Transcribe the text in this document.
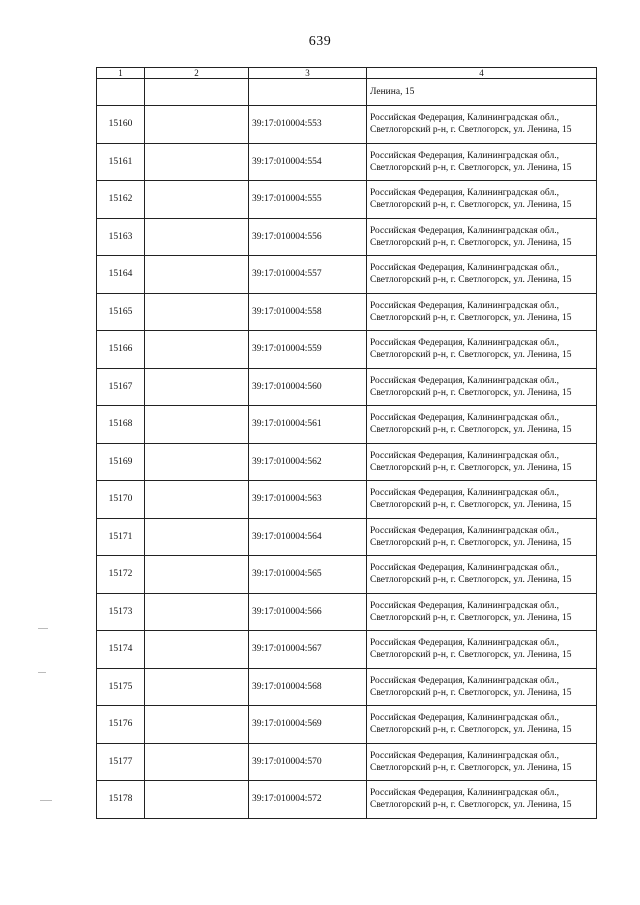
639
1	2	3	4
			Ленина, 15
15160		39:17:010004:553	Российская Федерация, Калининградская обл., Светлогорский р-н, г. Светлогорск, ул. Ленина, 15
15161		39:17:010004:554	Российская Федерация, Калининградская обл., Светлогорский р-н, г. Светлогорск, ул. Ленина, 15
15162		39:17:010004:555	Российская Федерация, Калининградская обл., Светлогорский р-н, г. Светлогорск, ул. Ленина, 15
15163		39:17:010004:556	Российская Федерация, Калининградская обл., Светлогорский р-н, г. Светлогорск, ул. Ленина, 15
15164		39:17:010004:557	Российская Федерация, Калининградская обл., Светлогорский р-н, г. Светлогорск, ул. Ленина, 15
15165		39:17:010004:558	Российская Федерация, Калининградская обл., Светлогорский р-н, г. Светлогорск, ул. Ленина, 15
15166		39:17:010004:559	Российская Федерация, Калининградская обл., Светлогорский р-н, г. Светлогорск, ул. Ленина, 15
15167		39:17:010004:560	Российская Федерация, Калининградская обл., Светлогорский р-н, г. Светлогорск, ул. Ленина, 15
15168		39:17:010004:561	Российская Федерация, Калининградская обл., Светлогорский р-н, г. Светлогорск, ул. Ленина, 15
15169		39:17:010004:562	Российская Федерация, Калининградская обл., Светлогорский р-н, г. Светлогорск, ул. Ленина, 15
15170		39:17:010004:563	Российская Федерация, Калининградская обл., Светлогорский р-н, г. Светлогорск, ул. Ленина, 15
15171		39:17:010004:564	Российская Федерация, Калининградская обл., Светлогорский р-н, г. Светлогорск, ул. Ленина, 15
15172		39:17:010004:565	Российская Федерация, Калининградская обл., Светлогорский р-н, г. Светлогорск, ул. Ленина, 15
15173		39:17:010004:566	Российская Федерация, Калининградская обл., Светлогорский р-н, г. Светлогорск, ул. Ленина, 15
15174		39:17:010004:567	Российская Федерация, Калининградская обл., Светлогорский р-н, г. Светлогорск, ул. Ленина, 15
15175		39:17:010004:568	Российская Федерация, Калининградская обл., Светлогорский р-н, г. Светлогорск, ул. Ленина, 15
15176		39:17:010004:569	Российская Федерация, Калининградская обл., Светлогорский р-н, г. Светлогорск, ул. Ленина, 15
15177		39:17:010004:570	Российская Федерация, Калининградская обл., Светлогорский р-н, г. Светлогорск, ул. Ленина, 15
15178		39:17:010004:572	Российская Федерация, Калининградская обл., Светлогорский р-н, г. Светлогорск, ул. Ленина, 15
